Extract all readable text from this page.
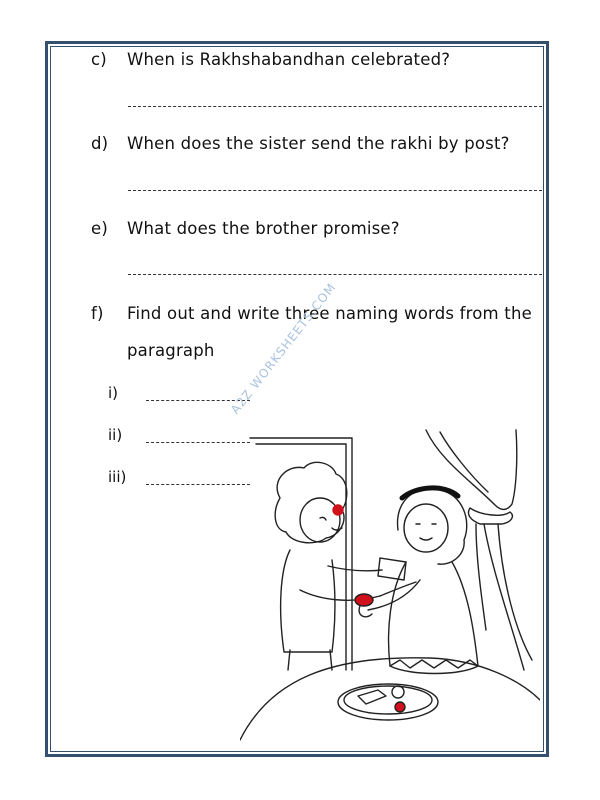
c) When is Rakhshabandhan celebrated?
d) When does the sister send the rakhi by post?
e) What does the brother promise?
f) Find out and write three naming words from the
paragraph
i)
ii)
iii)
A2Z WORKSHEETS.COM
